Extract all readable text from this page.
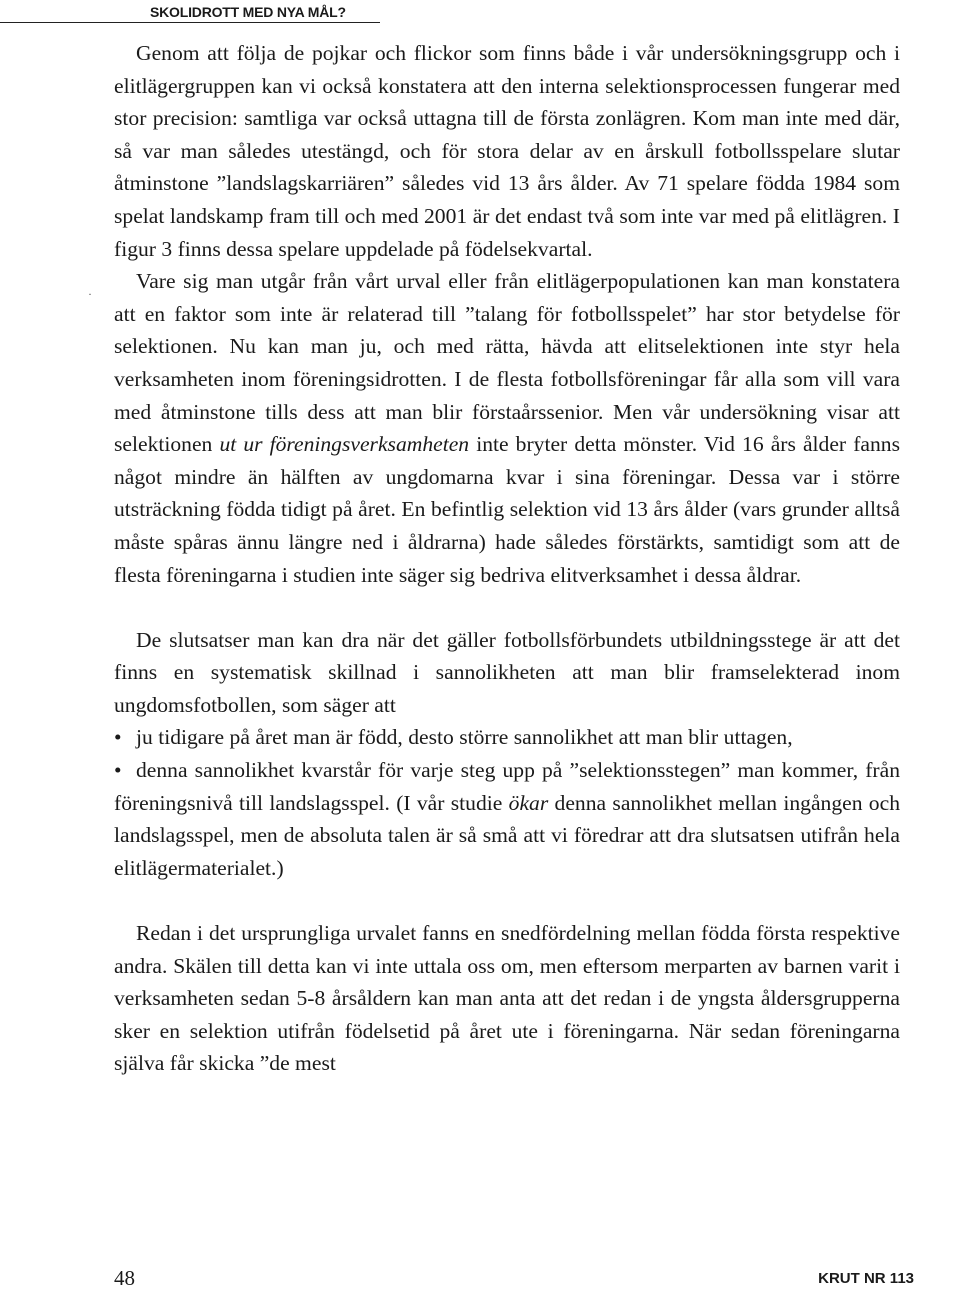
SKOLIDROTT MED NYA MÅL?

·

Genom att följa de pojkar och flickor som finns både i vår undersökningsgrupp och i elitlägergruppen kan vi också konstatera att den interna selektionsprocessen fungerar med stor precision: samtliga var också uttagna till de första zonlägren. Kom man inte med där, så var man således utestängd, och för stora delar av en årskull fotbollsspelare slutar åtminstone ”landslagskarriären” således vid 13 års ålder. Av 71 spelare födda 1984 som spelat landskamp fram till och med 2001 är det endast två som inte var med på elitlägren. I figur 3 finns dessa spelare uppdelade på födelsekvartal.

Vare sig man utgår från vårt urval eller från elitlägerpopulationen kan man konstatera att en faktor som inte är relaterad till ”talang för fotbollsspelet” har stor betydelse för selektionen. Nu kan man ju, och med rätta, hävda att elitselektionen inte styr hela verksamheten inom föreningsidrotten. I de flesta fotbollsföreningar får alla som vill vara med åtminstone tills dess att man blir förstaårssenior. Men vår undersökning visar att selektionen ut ur föreningsverksamheten inte bryter detta mönster. Vid 16 års ålder fanns något mindre än hälften av ungdomarna kvar i sina föreningar. Dessa var i större utsträckning födda tidigt på året. En befintlig selektion vid 13 års ålder (vars grunder alltså måste spåras ännu längre ned i åldrarna) hade således förstärkts, samtidigt som att de flesta föreningarna i studien inte säger sig bedriva elitverksamhet i dessa åldrar.

De slutsatser man kan dra när det gäller fotbollsförbundets utbildningsstege är att det finns en systematisk skillnad i sannolikheten att man blir framselekterad inom ungdomsfotbollen, som säger att

• ju tidigare på året man är född, desto större sannolikhet att man blir uttagen,

• denna sannolikhet kvarstår för varje steg upp på ”selektionsstegen” man kommer, från föreningsnivå till landslagsspel. (I vår studie ökar denna sannolikhet mellan ingången och landslagsspel, men de absoluta talen är så små att vi föredrar att dra slutsatsen utifrån hela elitlägermaterialet.)

Redan i det ursprungliga urvalet fanns en snedfördelning mellan födda första respektive andra. Skälen till detta kan vi inte uttala oss om, men eftersom merparten av barnen varit i verksamheten sedan 5-8 årsåldern kan man anta att det redan i de yngsta åldersgrupperna sker en selektion utifrån födelsetid på året ute i föreningarna. När sedan föreningarna själva får skicka ”de mest

48	KRUT NR 113
